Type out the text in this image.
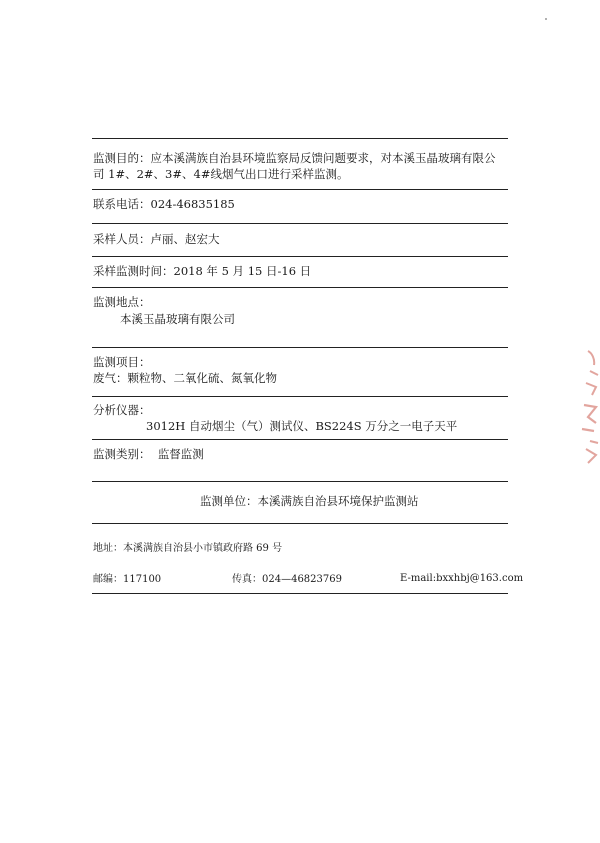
监测目的：应本溪满族自治县环境监察局反馈问题要求，对本溪玉晶玻璃有限公
司 1#、2#、3#、4#线烟气出口进行采样监测。
联系电话：024-46835185
采样人员：卢丽、赵宏大
采样监测时间：2018 年 5 月 15 日-16 日
监测地点：
本溪玉晶玻璃有限公司
监测项目：
废气：颗粒物、二氧化硫、氮氧化物
分析仪器：
3012H 自动烟尘（气）测试仪、BS224S 万分之一电子天平
监测类别： 监督监测
监测单位：本溪满族自治县环境保护监测站
地址：本溪满族自治县小市镇政府路 69 号
邮编：117100	传真：024—46823769	E-mail:bxxhbj@163.com
